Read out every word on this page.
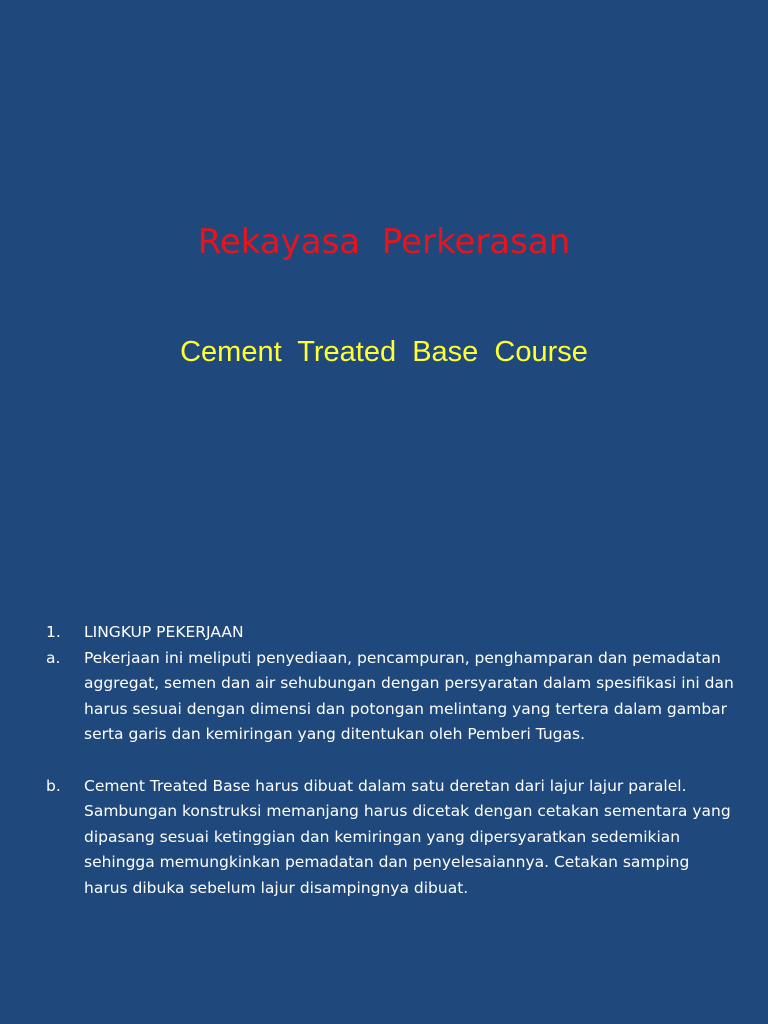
Rekayasa  Perkerasan
Cement  Treated  Base  Course
1.	LINGKUP PEKERJAAN
a.	Pekerjaan ini meliputi penyediaan, pencampuran, penghamparan dan pemadatan aggregat, semen dan air sehubungan dengan persyaratan dalam spesifikasi ini dan harus sesuai dengan dimensi dan potongan melintang yang tertera dalam gambar serta garis dan kemiringan yang ditentukan oleh Pemberi Tugas.
b.	Cement Treated Base harus dibuat dalam satu deretan dari lajur lajur paralel. Sambungan konstruksi memanjang harus dicetak dengan cetakan sementara yang dipasang sesuai ketinggian dan kemiringan yang dipersyaratkan sedemikian sehingga memungkinkan pemadatan dan penyelesaiannya. Cetakan samping harus dibuka sebelum lajur disampingnya dibuat.
